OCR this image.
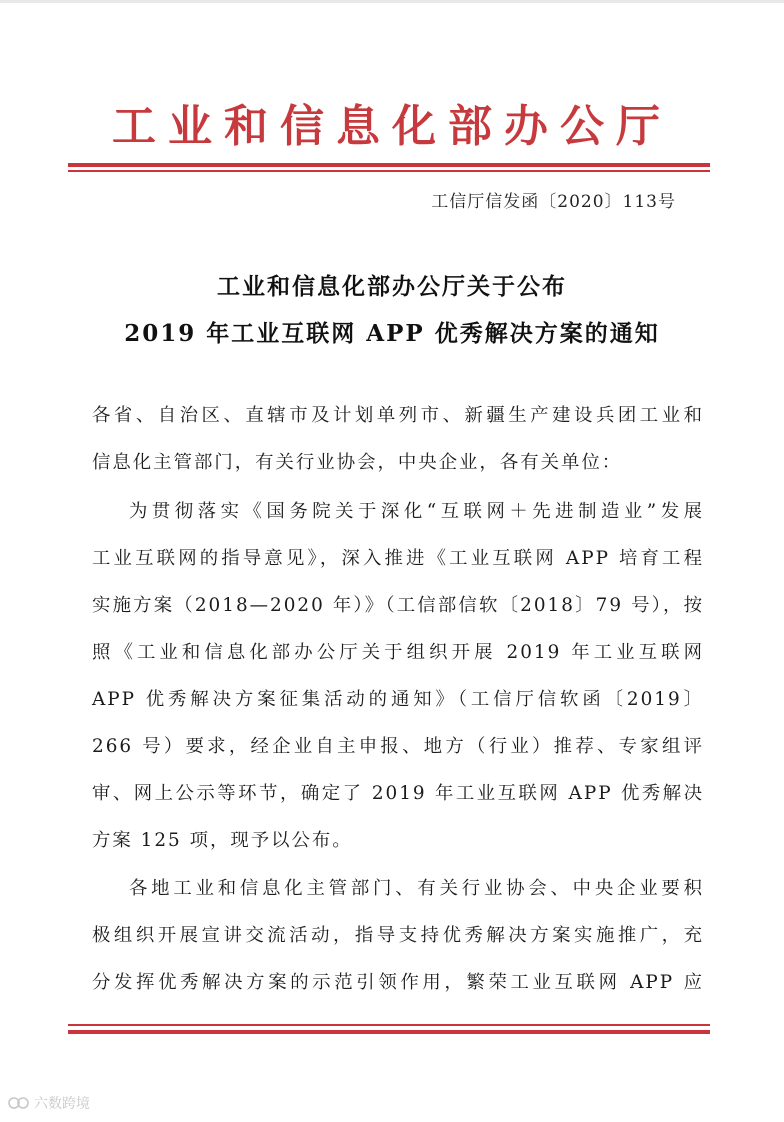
工业和信息化部办公厅
工信厅信发函〔2020〕113号
工业和信息化部办公厅关于公布
2019 年工业互联网 APP 优秀解决方案的通知
各省、自治区、直辖市及计划单列市、新疆生产建设兵团工业和
信息化主管部门，有关行业协会，中央企业，各有关单位：
为贯彻落实《国务院关于深化“互联网＋先进制造业”发展
工业互联网的指导意见》，深入推进《工业互联网 APP 培育工程
实施方案（2018—2020 年）》（工信部信软〔2018〕79 号），按
照《工业和信息化部办公厅关于组织开展 2019 年工业互联网
APP 优秀解决方案征集活动的通知》（工信厅信软函〔2019〕
266 号）要求，经企业自主申报、地方（行业）推荐、专家组评
审、网上公示等环节，确定了 2019 年工业互联网 APP 优秀解决
方案 125 项，现予以公布。
各地工业和信息化主管部门、有关行业协会、中央企业要积
极组织开展宣讲交流活动，指导支持优秀解决方案实施推广，充
分发挥优秀解决方案的示范引领作用，繁荣工业互联网 APP 应
六数跨境
